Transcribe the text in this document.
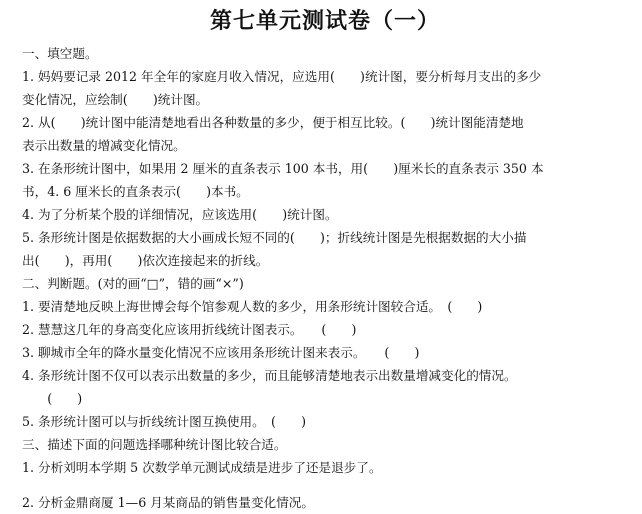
第七单元测试卷（一）
一、填空题。
1. 妈妈要记录 2012 年全年的家庭月收入情况，应选用(　　)统计图，要分析每月支出的多少
变化情况，应绘制(　　)统计图。
2. 从(　　)统计图中能清楚地看出各种数量的多少，便于相互比较。(　　)统计图能清楚地
表示出数量的增减变化情况。
3. 在条形统计图中，如果用 2 厘米的直条表示 100 本书，用(　　)厘米长的直条表示 350 本
书，4. 6 厘米长的直条表示(　　)本书。
4. 为了分析某个股的详细情况，应该选用(　　)统计图。
5. 条形统计图是依据数据的大小画成长短不同的(　　)；折线统计图是先根据数据的大小描
出(　　)，再用(　　)依次连接起来的折线。
二、判断题。(对的画“□”，错的画“×”)
1. 要清楚地反映上海世博会每个馆参观人数的多少，用条形统计图较合适。　(　　)
2. 慧慧这几年的身高变化应该用折线统计图表示。　　(　　)
3. 聊城市全年的降水量变化情况不应该用条形统计图来表示。　　(　　)
4. 条形统计图不仅可以表示出数量的多少，而且能够清楚地表示出数量增减变化的情况。
　　(　　)
5. 条形统计图可以与折线统计图互换使用。　(　　)
三、描述下面的问题选择哪种统计图比较合适。
1. 分析刘明本学期 5 次数学单元测试成绩是进步了还是退步了。
2. 分析金鼎商厦 1—6 月某商品的销售量变化情况。
